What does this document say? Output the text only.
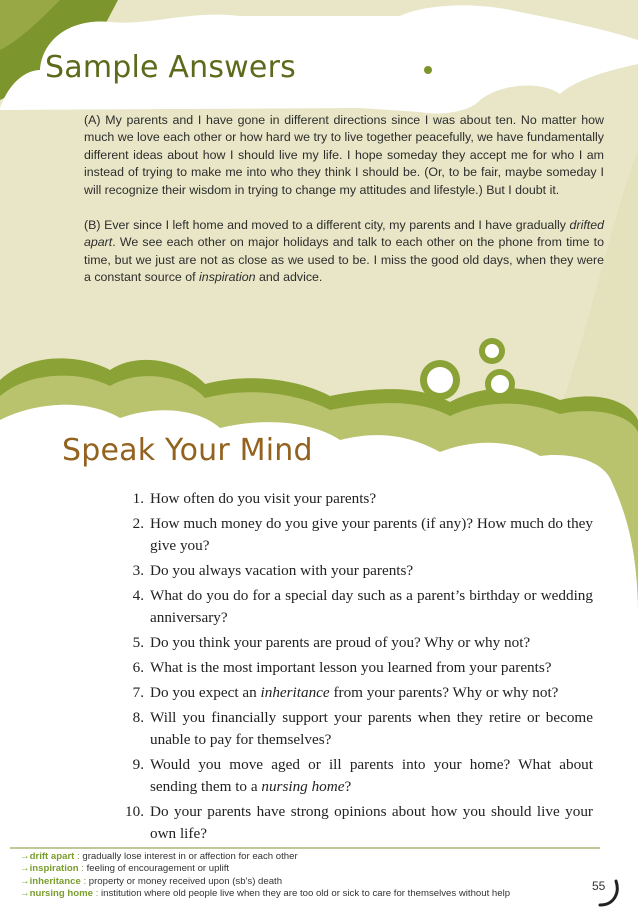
‹
Sample Answers

(A) My parents and I have gone in different directions since I was about ten. No matter how much we love each other or how hard we try to live together peacefully, we have fundamentally different ideas about how I should live my life. I hope someday they accept me for who I am instead of trying to make me into who they think I should be. (Or, to be fair, maybe someday I will recognize their wisdom in trying to change my attitudes and lifestyle.) But I doubt it.

(B) Ever since I left home and moved to a different city, my parents and I have gradually drifted apart. We see each other on major holidays and talk to each other on the phone from time to time, but we just are not as close as we used to be. I miss the good old days, when they were a constant source of inspiration and advice.

Speak Your Mind
1. How often do you visit your parents?
2. How much money do you give your parents (if any)? How much do they give you?
3. Do you always vacation with your parents?
4. What do you do for a special day such as a parent’s birthday or wedding anniversary?
5. Do you think your parents are proud of you? Why or why not?
6. What is the most important lesson you learned from your parents?
7. Do you expect an inheritance from your parents? Why or why not?
8. Will you financially support your parents when they retire or become unable to pay for themselves?
9. Would you move aged or ill parents into your home? What about sending them to a nursing home?
10. Do your parents have strong opinions about how you should live your own life?
→drift apart : gradually lose interest in or affection for each other
→inspiration : feeling of encouragement or uplift
→inheritance : property or money received upon (sb's) death
→nursing home : institution where old people live when they are too old or sick to care for themselves without help
55
